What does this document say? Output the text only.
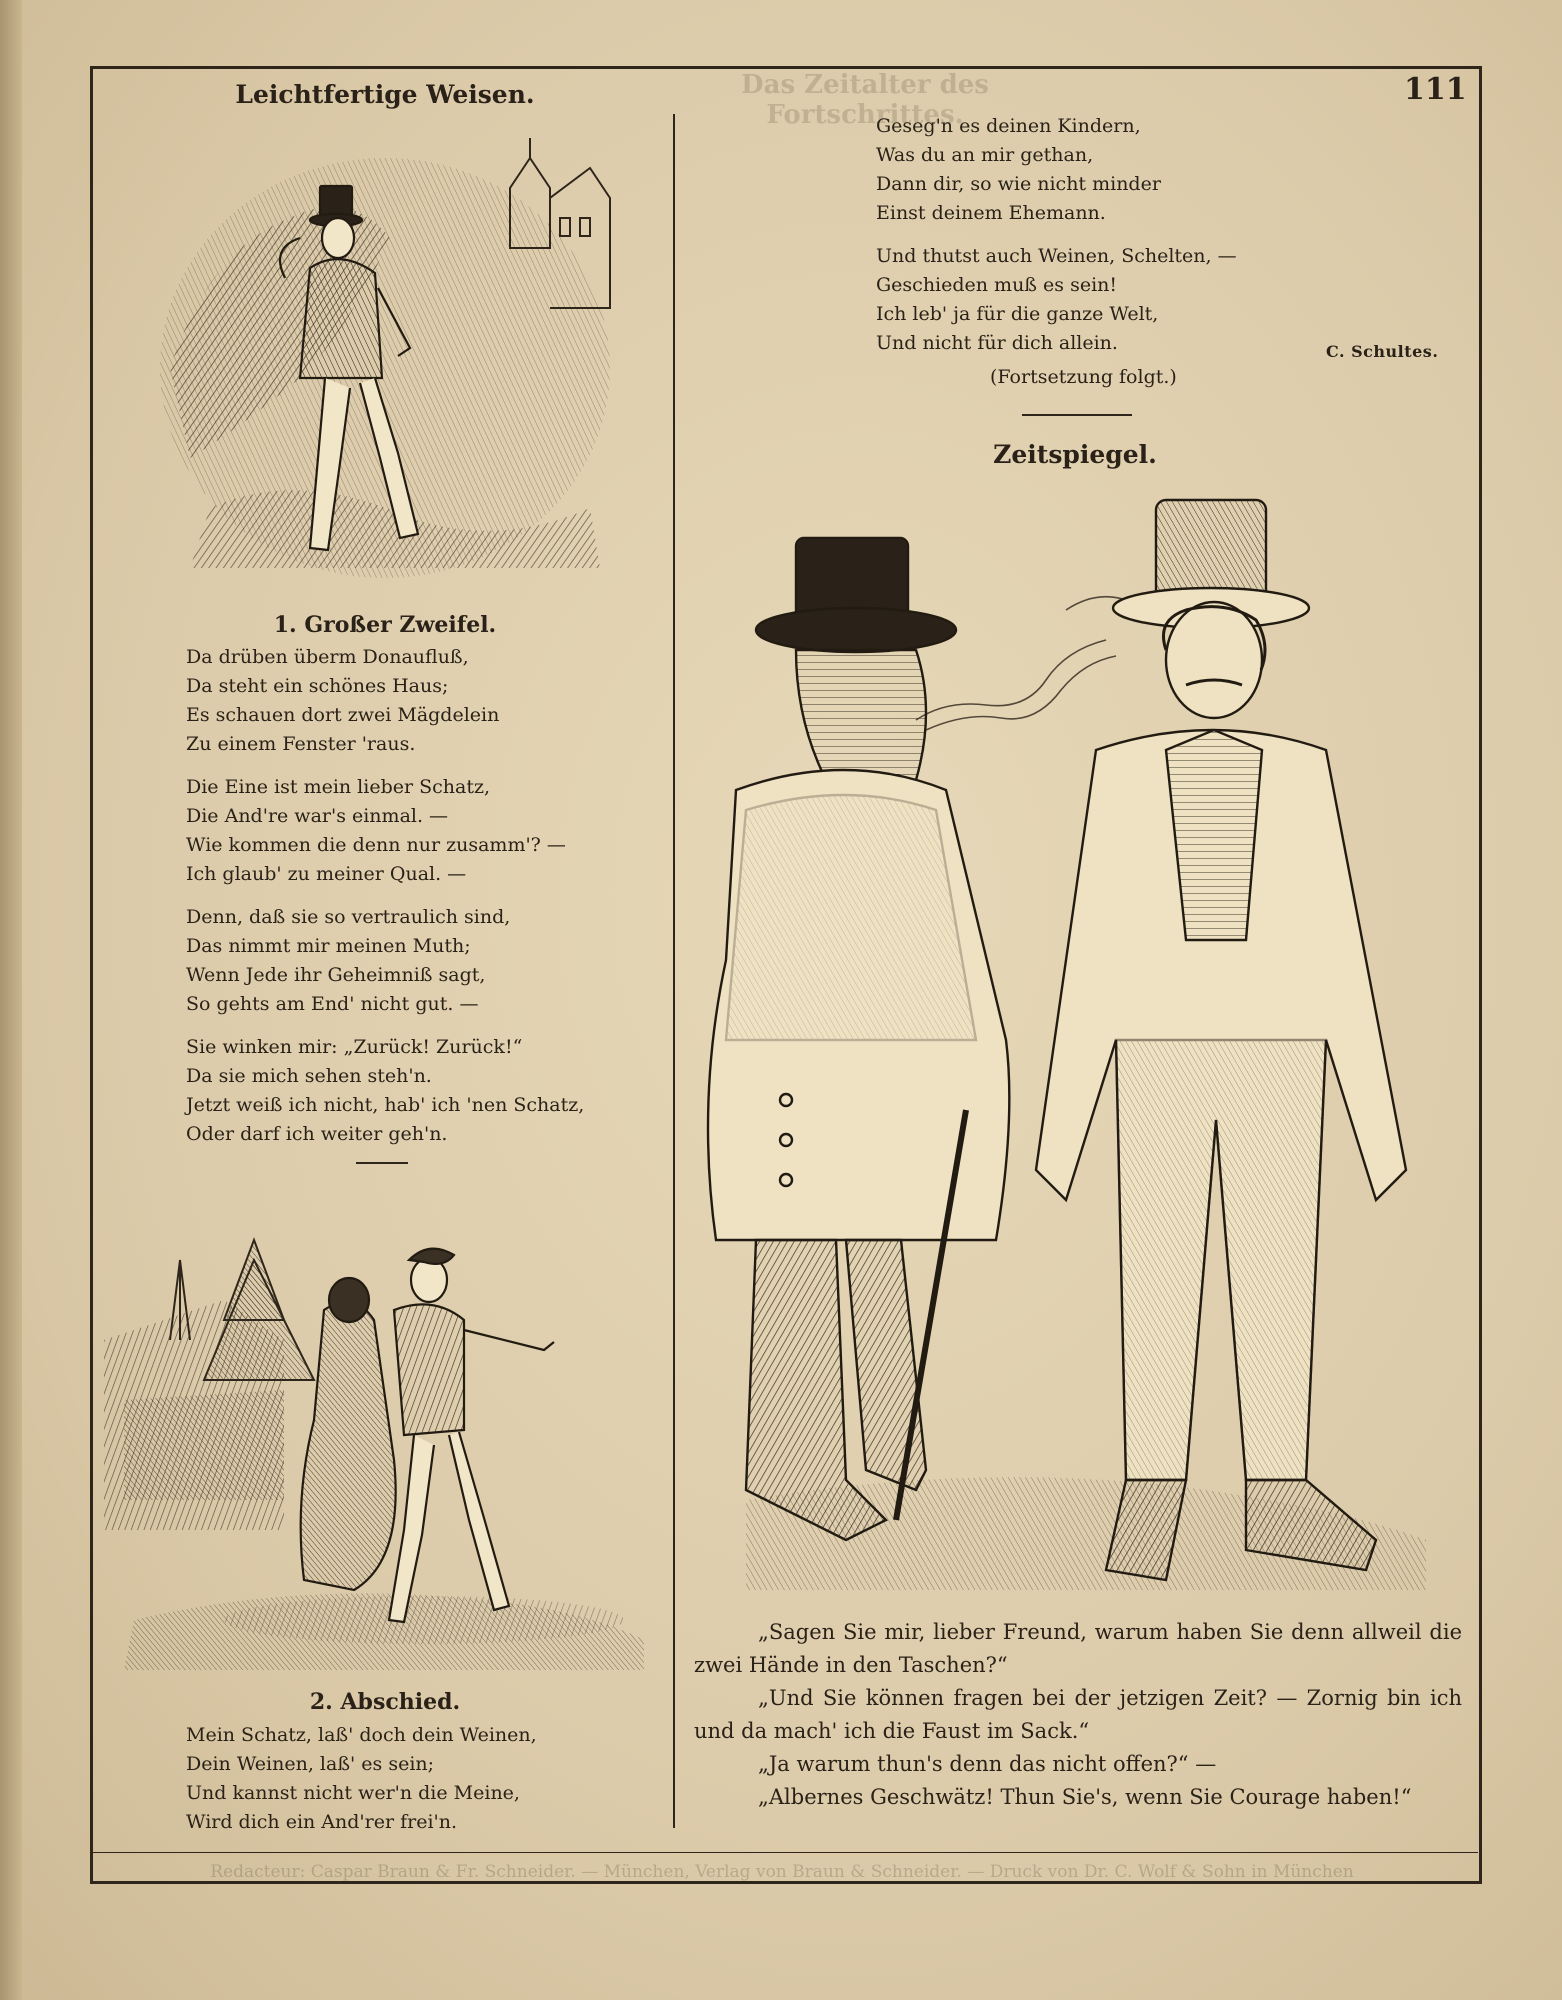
Das Zeitalter des Fortschrittes.
111
Leichtfertige Weisen.
1. Großer Zweifel.
Da drüben überm Donaufluß,
Da steht ein schönes Haus;
Es schauen dort zwei Mägdelein
Zu einem Fenster 'raus.
Die Eine ist mein lieber Schatz,
Die And're war's einmal. —
Wie kommen die denn nur zusamm'? —
Ich glaub' zu meiner Qual. —
Denn, daß sie so vertraulich sind,
Das nimmt mir meinen Muth;
Wenn Jede ihr Geheimniß sagt,
So gehts am End' nicht gut. —
Sie winken mir: „Zurück! Zurück!“
Da sie mich sehen steh'n.
Jetzt weiß ich nicht, hab' ich 'nen Schatz,
Oder darf ich weiter geh'n.
2. Abschied.
Mein Schatz, laß' doch dein Weinen,
Dein Weinen, laß' es sein;
Und kannst nicht wer'n die Meine,
Wird dich ein And'rer frei'n.
Geseg'n es deinen Kindern,
Was du an mir gethan,
Dann dir, so wie nicht minder
Einst deinem Ehemann.
Und thutst auch Weinen, Schelten, —
Geschieden muß es sein!
Ich leb' ja für die ganze Welt,
Und nicht für dich allein.	C. Schultes.
(Fortsetzung folgt.)
Zeitspiegel.

„Sagen Sie mir, lieber Freund, warum haben Sie denn allweil die zwei Hände in den Taschen?“

„Und Sie können fragen bei der jetzigen Zeit? — Zornig bin ich und da mach' ich die Faust im Sack.“

„Ja warum thun's denn das nicht offen?“ —

„Albernes Geschwätz! Thun Sie's, wenn Sie Courage haben!“

Redacteur: Caspar Braun & Fr. Schneider. — München, Verlag von Braun & Schneider. — Druck von Dr. C. Wolf & Sohn in München
